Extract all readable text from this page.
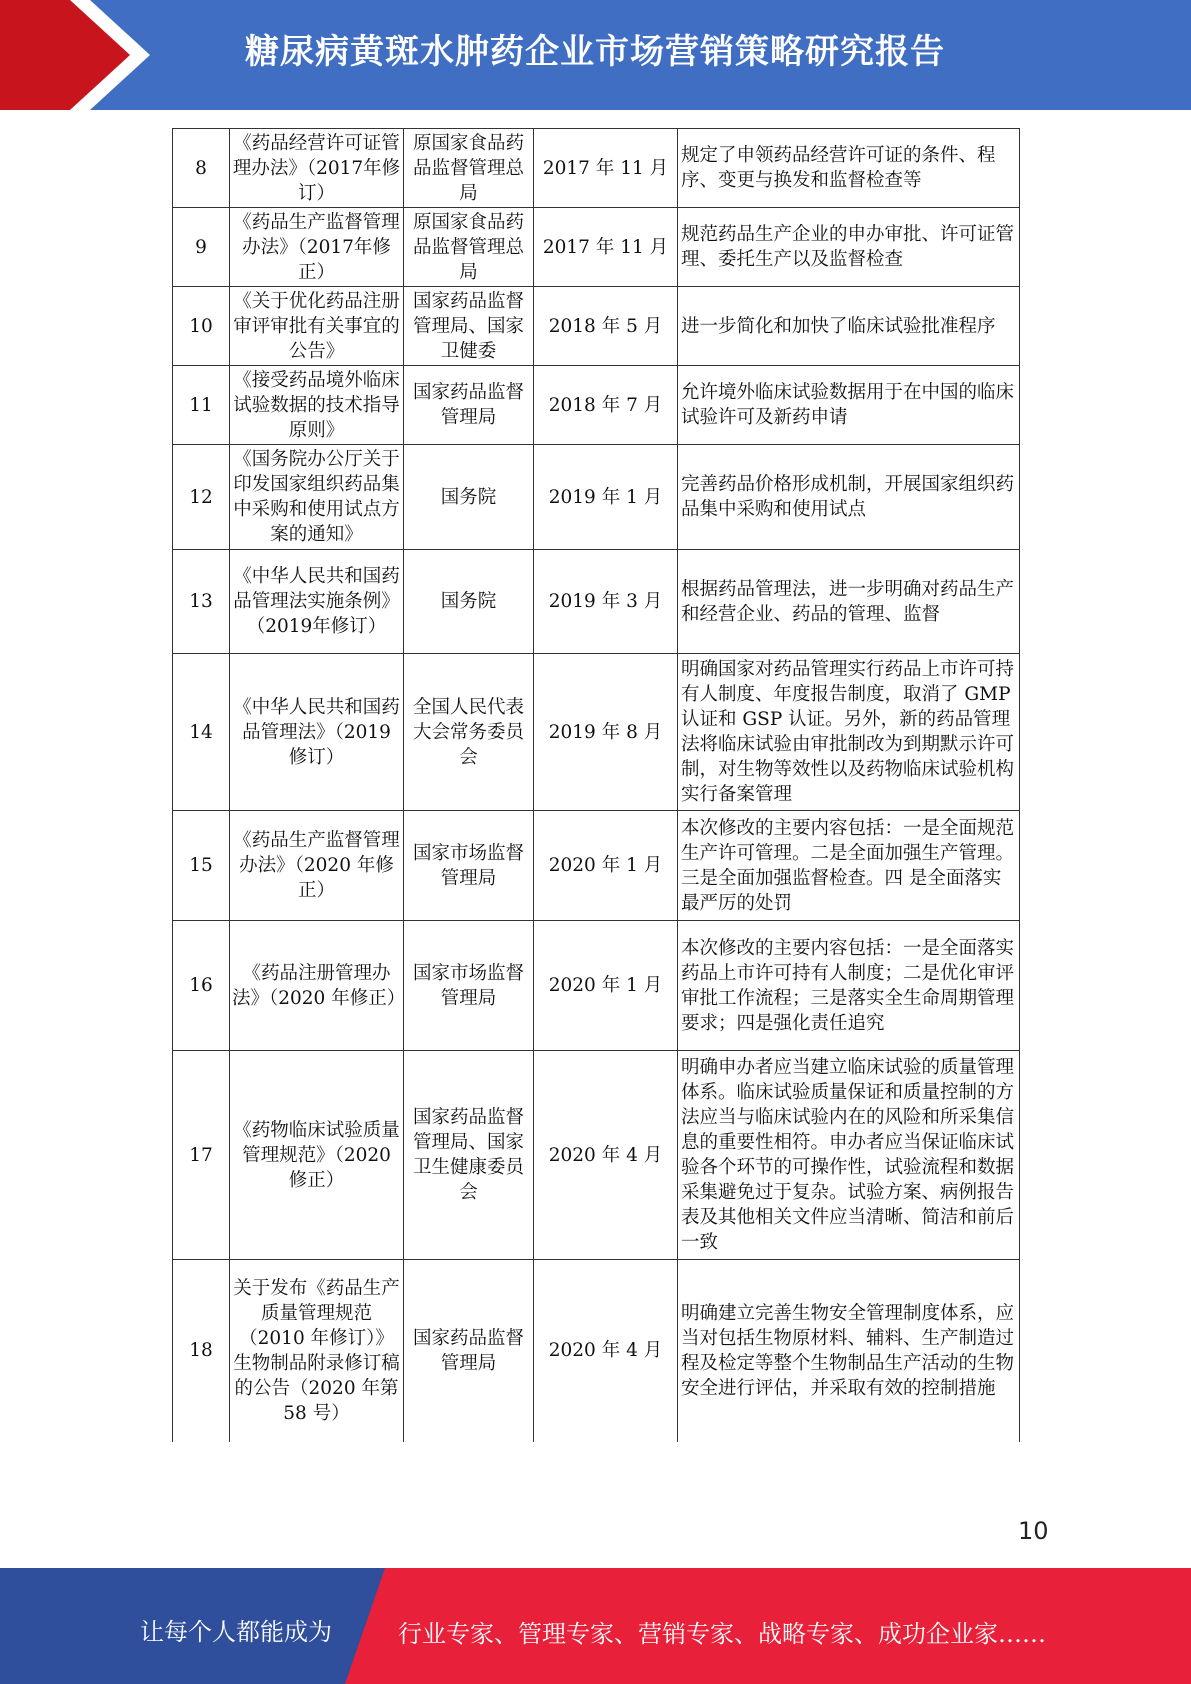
糖尿病黄斑水肿药企业市场营销策略研究报告
8	《药品经营许可证管理办法》（2017年修订）	原国家食品药品监督管理总局	2017 年 11 月	规定了申领药品经营许可证的条件、程序、变更与换发和监督检查等
9	《药品生产监督管理办法》（2017年修正）	原国家食品药品监督管理总局	2017 年 11 月	规范药品生产企业的申办审批、许可证管理、委托生产以及监督检查
10	《关于优化药品注册审评审批有关事宜的公告》	国家药品监督管理局、国家卫健委	2018 年 5 月	进一步简化和加快了临床试验批准程序
11	《接受药品境外临床试验数据的技术指导原则》	国家药品监督管理局	2018 年 7 月	允许境外临床试验数据用于在中国的临床试验许可及新药申请
12	《国务院办公厅关于印发国家组织药品集中采购和使用试点方案的通知》	国务院	2019 年 1 月	完善药品价格形成机制，开展国家组织药品集中采购和使用试点
13	《中华人民共和国药品管理法实施条例》（2019年修订）	国务院	2019 年 3 月	根据药品管理法，进一步明确对药品生产和经营企业、药品的管理、监督
14	《中华人民共和国药品管理法》（2019 修订）	全国人民代表大会常务委员会	2019 年 8 月	明确国家对药品管理实行药品上市许可持有人制度、年度报告制度，取消了 GMP 认证和 GSP 认证。另外，新的药品管理法将临床试验由审批制改为到期默示许可制，对生物等效性以及药物临床试验机构实行备案管理
15	《药品生产监督管理办法》（2020 年修正）	国家市场监督管理局	2020 年 1 月	本次修改的主要内容包括：一是全面规范生产许可管理。二是全面加强生产管理。三是全面加强监督检查。四 是全面落实最严厉的处罚
16	《药品注册管理办法》（2020 年修正）	国家市场监督管理局	2020 年 1 月	本次修改的主要内容包括：一是全面落实药品上市许可持有人制度；二是优化审评审批工作流程；三是落实全生命周期管理要求；四是强化责任追究
17	《药物临床试验质量管理规范》（2020 修正）	国家药品监督管理局、国家卫生健康委员会	2020 年 4 月	明确申办者应当建立临床试验的质量管理体系。临床试验质量保证和质量控制的方法应当与临床试验内在的风险和所采集信息的重要性相符。申办者应当保证临床试验各个环节的可操作性，试验流程和数据采集避免过于复杂。试验方案、病例报告表及其他相关文件应当清晰、简洁和前后一致
18	关于发布《药品生产质量管理规范（2010 年修订）》生物制品附录修订稿的公告（2020 年第 58 号）	国家药品监督管理局	2020 年 4 月	明确建立完善生物安全管理制度体系，应当对包括生物原材料、辅料、生产制造过程及检定等整个生物制品生产活动的生物安全进行评估，并采取有效的控制措施
10
让每个人都能成为	行业专家、管理专家、营销专家、战略专家、成功企业家……
